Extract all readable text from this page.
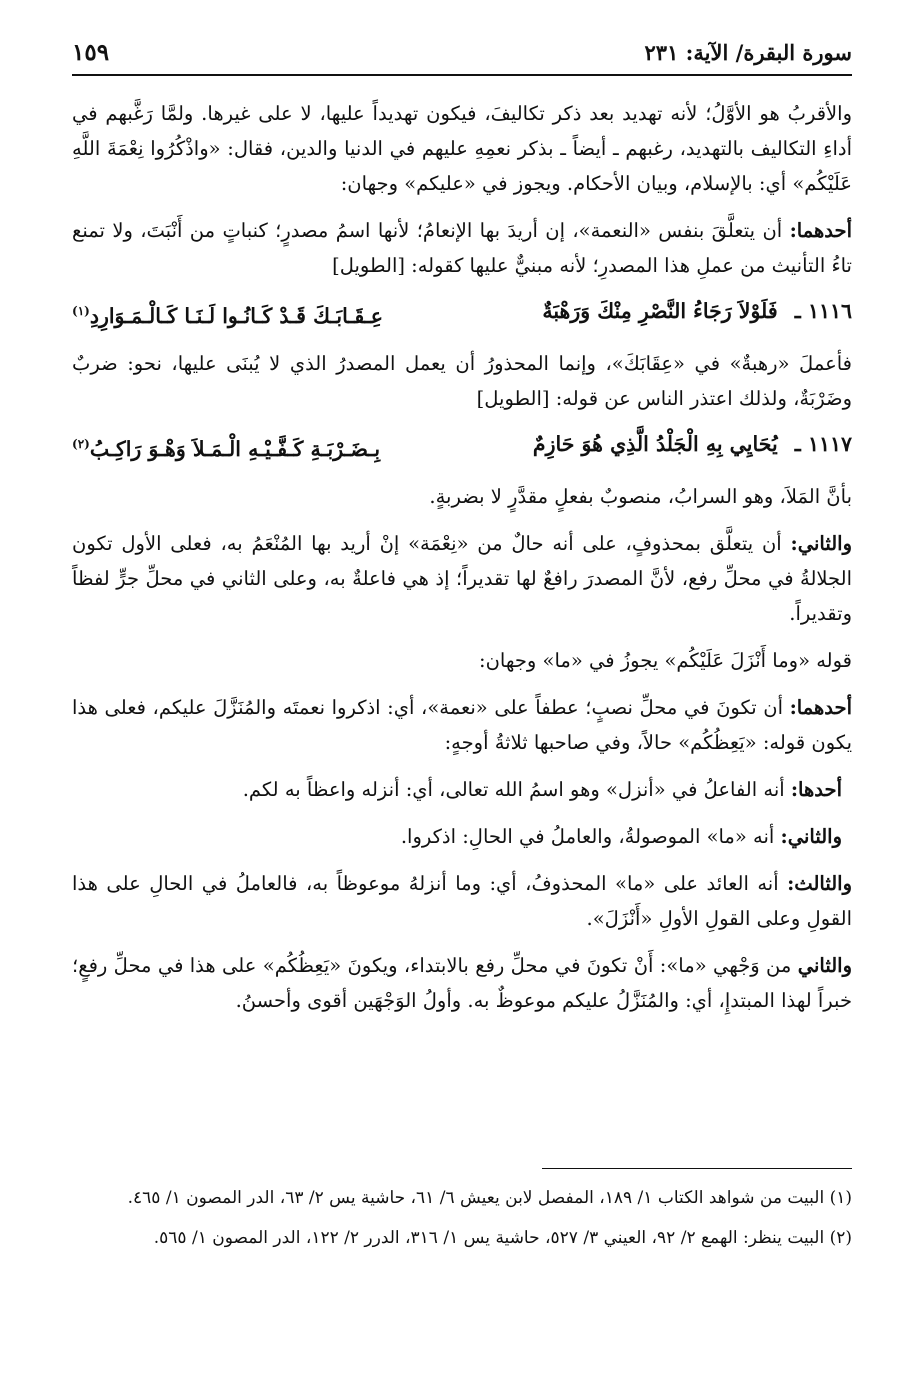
سورة البقرة/ الآية: ٢٣١
١٥٩

والأقربُ هو الأوَّلُ؛ لأنه تهديد بعد ذكر تكاليفَ، فيكون تهديداً عليها، لا على غيرها. ولمَّا رَغَّبهم في أداءِ التكاليف بالتهديد، رغبهم ـ أيضاً ـ بذكر نعمِهِ عليهم في الدنيا والدين، فقال: «واذْكُرُوا نِعْمَةَ اللَّهِ عَلَيْكُم» أي: بالإسلام، وبيان الأحكام. ويجوز في «عليكم» وجهان:

أحدهما: أن يتعلَّقَ بنفس «النعمة»، إن أريدَ بها الإنعامُ؛ لأنها اسمُ مصدرٍ؛ كنباتٍ من أَنْبَتَ، ولا تمنع تاءُ التأنيث من عملِ هذا المصدرِ؛ لأنه مبنيٌّ عليها كقوله: [الطويل]

١١١٦ ـ فَلَوْلاَ رَجَاءُ النَّصْرِ مِنْكَ وَرَهْبَةٌ
عِـقَـابَـكَ قَـدْ كَـانُـوا لَـنَـا كَـالْـمَـوَارِدِ$^{(١)}$

فأعملَ «رهبةٌ» في «عِقَابَكَ»، وإنما المحذورُ أن يعمل المصدرُ الذي لا يُبنَى عليها، نحو: ضربٌ وضَرْبَةٌ، ولذلك اعتذر الناس عن قوله: [الطويل]

١١١٧ ـ يُحَايِي بِهِ الْجَلْدُ الَّذِي هُوَ حَازِمٌ
بِـضَـرْبَـةِ كَـفَّـيْـهِ الْـمَـلاَ وَهْـوَ رَاكِـبُ$^{(٢)}$

بأنَّ المَلاَ، وهو السرابُ، منصوبٌ بفعلٍ مقدَّرٍ لا بضربةٍ.

والثاني: أن يتعلَّق بمحذوفٍ، على أنه حالٌ من «نِعْمَة» إنْ أريد بها المُنْعَمُ به، فعلى الأول تكون الجلالةُ في محلِّ رفع، لأنَّ المصدرَ رافعٌ لها تقديراً؛ إذ هي فاعلةٌ به، وعلى الثاني في محلِّ جرٍّ لفظاً وتقديراً.

قوله «وما أَنْزَلَ عَلَيْكُم» يجوزُ في «ما» وجهان:

أحدهما: أن تكونَ في محلِّ نصبٍ؛ عطفاً على «نعمة»، أي: اذكروا نعمتَه والمُنَزَّلَ عليكم، فعلى هذا يكون قوله: «يَعِظُكُم» حالاً، وفي صاحبها ثلاثةُ أوجهٍ:

أحدها: أنه الفاعلُ في «أنزل» وهو اسمُ الله تعالى، أي: أنزله واعظاً به لكم.

والثاني: أنه «ما» الموصولةُ، والعاملُ في الحالِ: اذكروا.

والثالث: أنه العائد على «ما» المحذوفُ، أي: وما أنزلهُ موعوظاً به، فالعاملُ في الحالِ على هذا القولِ وعلى القولِ الأولِ «أَنْزَلَ».

والثاني من وَجْهي «ما»: أَنْ تكونَ في محلِّ رفع بالابتداء، ويكونَ «يَعِظُكُم» على هذا في محلِّ رفعٍ؛ خبراً لهذا المبتدإِ، أي: والمُنَزَّلُ عليكم موعوظٌ به. وأولُ الوَجْهَين أقوى وأحسنُ.

(١) البيت من شواهد الكتاب ١/ ١٨٩، المفصل لابن يعيش ٦/ ٦١، حاشية يس ٢/ ٦٣، الدر المصون ١/ ٤٦٥.

(٢) البيت ينظر: الهمع ٢/ ٩٢، العيني ٣/ ٥٢٧، حاشية يس ١/ ٣١٦، الدرر ٢/ ١٢٢، الدر المصون ١/ ٥٦٥.
